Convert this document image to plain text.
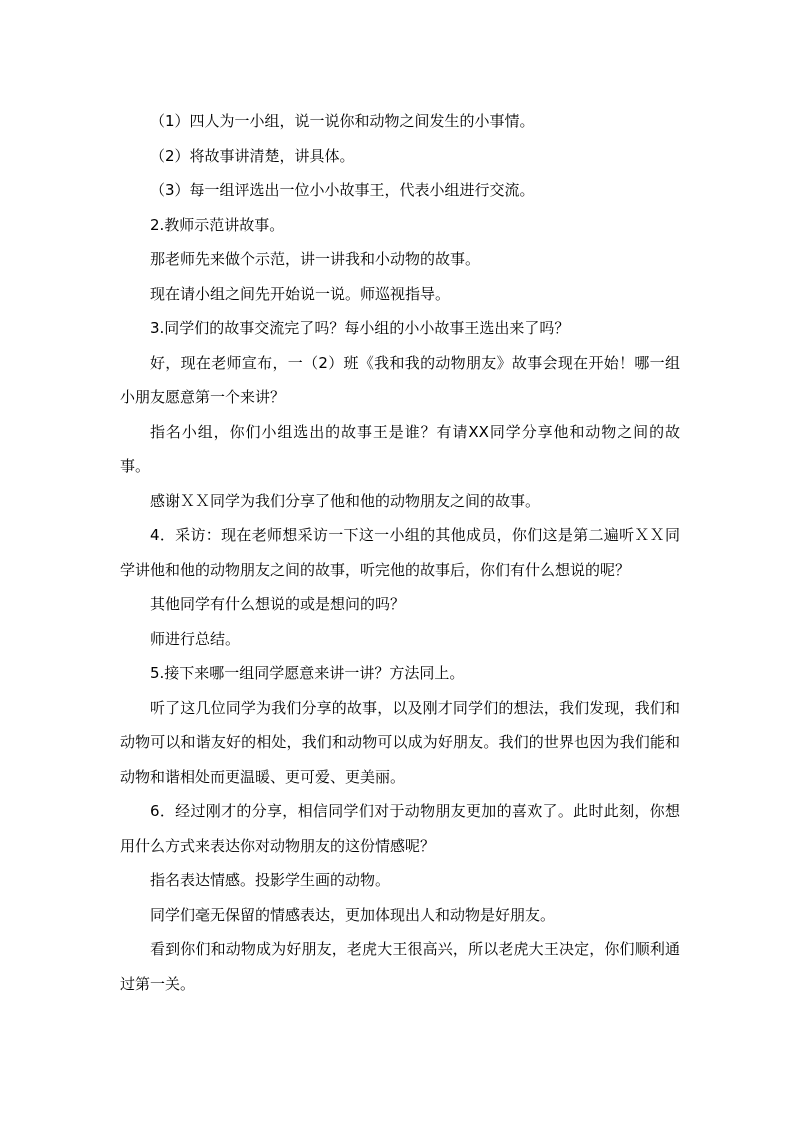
（1）四人为一小组，说一说你和动物之间发生的小事情。

（2）将故事讲清楚，讲具体。

（3）每一组评选出一位小小故事王，代表小组进行交流。

2.教师示范讲故事。

那老师先来做个示范，讲一讲我和小动物的故事。

现在请小组之间先开始说一说。师巡视指导。

3.同学们的故事交流完了吗？每小组的小小故事王选出来了吗？

好，现在老师宣布，一（2）班《我和我的动物朋友》故事会现在开始！哪一组小朋友愿意第一个来讲？

指名小组，你们小组选出的故事王是谁？有请XX同学分享他和动物之间的故事。

感谢ＸＸ同学为我们分享了他和他的动物朋友之间的故事。

4．采访：现在老师想采访一下这一小组的其他成员，你们这是第二遍听ＸＸ同学讲他和他的动物朋友之间的故事，听完他的故事后，你们有什么想说的呢？

其他同学有什么想说的或是想问的吗？

师进行总结。

5.接下来哪一组同学愿意来讲一讲？方法同上。

听了这几位同学为我们分享的故事，以及刚才同学们的想法，我们发现，我们和动物可以和谐友好的相处，我们和动物可以成为好朋友。我们的世界也因为我们能和动物和谐相处而更温暖、更可爱、更美丽。

6．经过刚才的分享，相信同学们对于动物朋友更加的喜欢了。此时此刻，你想用什么方式来表达你对动物朋友的这份情感呢？

指名表达情感。投影学生画的动物。

同学们毫无保留的情感表达，更加体现出人和动物是好朋友。

看到你们和动物成为好朋友，老虎大王很高兴，所以老虎大王决定，你们顺利通过第一关。
